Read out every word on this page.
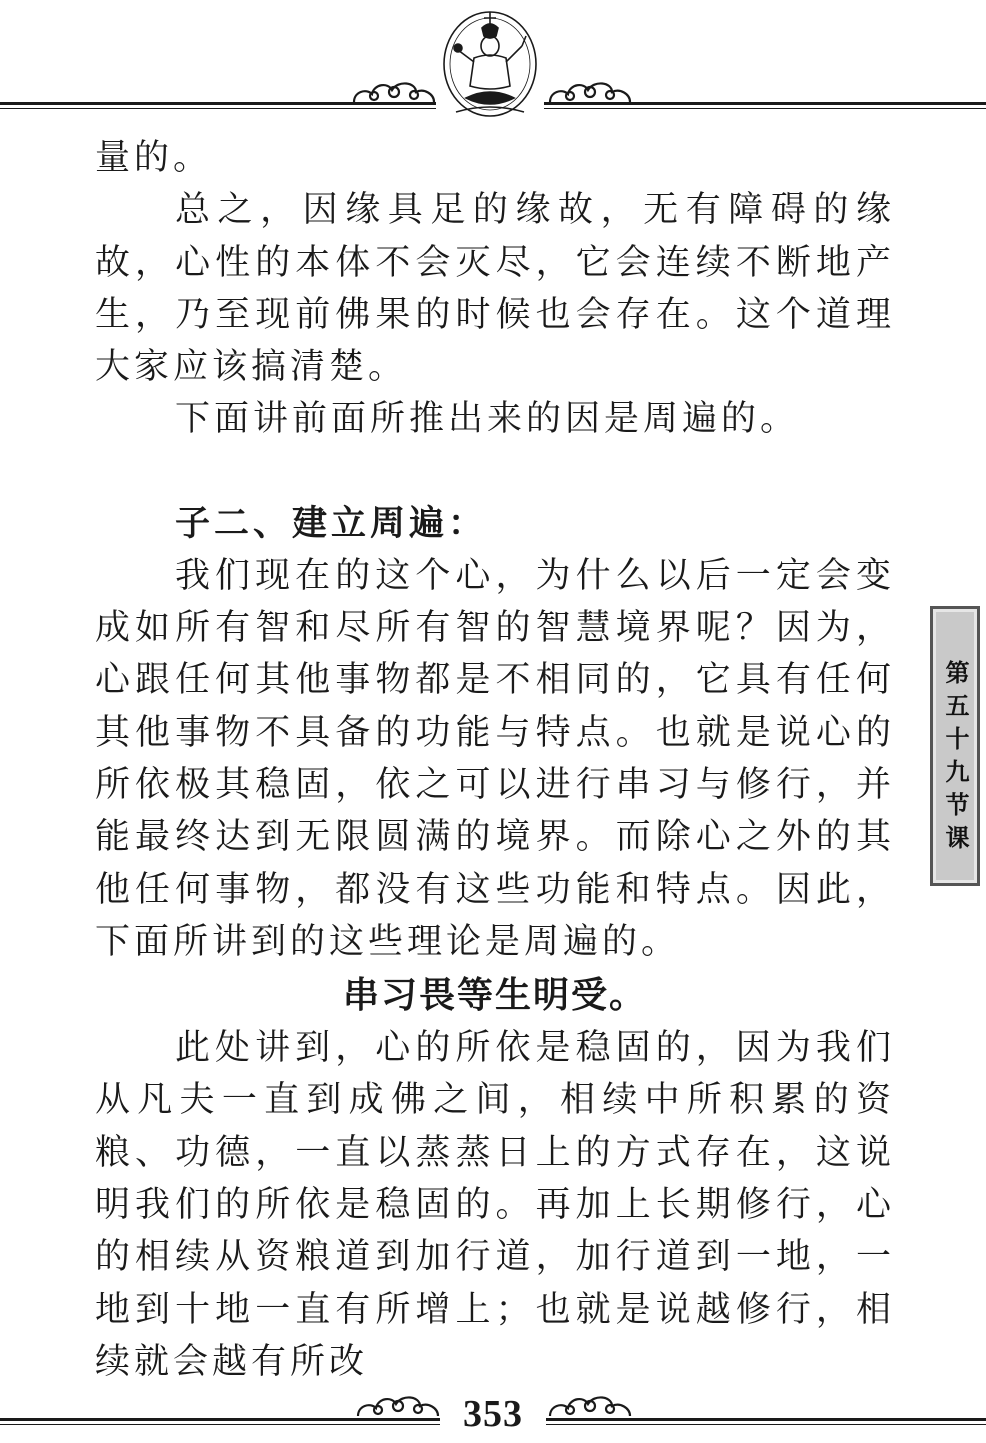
量的。

总之，因缘具足的缘故，无有障碍的缘故，心性的本体不会灭尽，它会连续不断地产生，乃至现前佛果的时候也会存在。这个道理大家应该搞清楚。

下面讲前面所推出来的因是周遍的。

子二、建立周遍：

我们现在的这个心，为什么以后一定会变成如所有智和尽所有智的智慧境界呢？因为，心跟任何其他事物都是不相同的，它具有任何其他事物不具备的功能与特点。也就是说心的所依极其稳固，依之可以进行串习与修行，并能最终达到无限圆满的境界。而除心之外的其他任何事物，都没有这些功能和特点。因此，下面所讲到的这些理论是周遍的。

串习畏等生明受。

此处讲到，心的所依是稳固的，因为我们从凡夫一直到成佛之间，相续中所积累的资粮、功德，一直以蒸蒸日上的方式存在，这说明我们的所依是稳固的。再加上长期修行，心的相续从资粮道到加行道，加行道到一地，一地到十地一直有所增上；也就是说越修行，相续就会越有所改

第五十九节课
353
